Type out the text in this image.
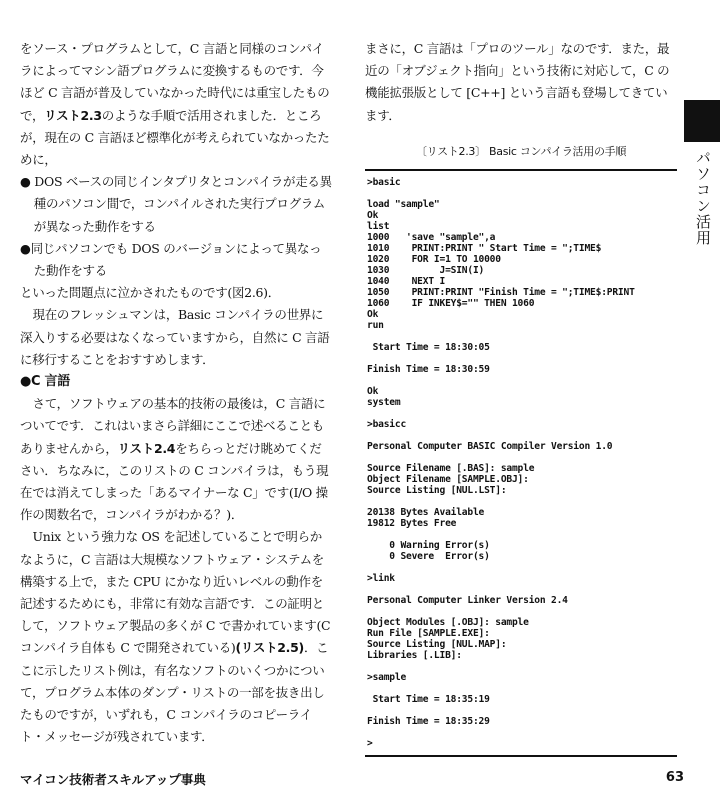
をソース・プログラムとして，C 言語と同様のコンパイラによってマシン語プログラムに変換するものです．今ほど C 言語が普及していなかった時代には重宝したもので，リスト2.3のような手順で活用されました．ところが，現在の C 言語ほど標準化が考えられていなかったために，

● DOS ベースの同じインタプリタとコンパイラが走る異種のパソコン間で，コンパイルされた実行プログラムが異なった動作をする

●同じパソコンでも DOS のバージョンによって異なった動作をする

といった問題点に泣かされたものです(図2.6)．

現在のフレッシュマンは，Basic コンパイラの世界に深入りする必要はなくなっていますから，自然に C 言語に移行することをおすすめします．

●C 言語

さて，ソフトウェアの基本的技術の最後は，C 言語についてです．これはいまさら詳細にここで述べることもありませんから，リスト2.4をちらっとだけ眺めてください．ちなみに，このリストの C コンパイラは，もう現在では消えてしまった「あるマイナーな C」です(I/O 操作の関数名で，コンパイラがわかる？)．

Unix という強力な OS を記述していることで明らかなように，C 言語は大規模なソフトウェア・システムを構築する上で，また CPU にかなり近いレベルの動作を記述するためにも，非常に有効な言語です．この証明として，ソフトウェア製品の多くが C で書かれています(C コンパイラ自体も C で開発されている)(リスト2.5)．ここに示したリスト例は，有名なソフトのいくつかについて，プログラム本体のダンプ・リストの一部を抜き出したものですが，いずれも，C コンパイラのコピーライト・メッセージが残されています．

まさに，C 言語は「プロのツール」なのです．また，最近の「オブジェクト指向」という技術に対応して，C の機能拡張版として [C++] という言語も登場してきています．

〔リスト2.3〕 Basic コンパイラ活用の手順
>basic

load "sample"
Ok
list
1000   'save "sample",a
1010    PRINT:PRINT " Start Time = ";TIME$
1020    FOR I=1 TO 10000
1030         J=SIN(I)
1040    NEXT I
1050    PRINT:PRINT "Finish Time = ";TIME$:PRINT
1060    IF INKEY$="" THEN 1060
Ok
run

Start Time = 18:30:05

Finish Time = 18:30:59

Ok
system

>basicc

Personal Computer BASIC Compiler Version 1.0

Source Filename [.BAS]: sample
Object Filename [SAMPLE.OBJ]:
Source Listing [NUL.LST]:

20138 Bytes Available
19812 Bytes Free

0 Warning Error(s)
0 Severe  Error(s)

>link

Personal Computer Linker Version 2.4

Object Modules [.OBJ]: sample
Run File [SAMPLE.EXE]:
Source Listing [NUL.MAP]:
Libraries [.LIB]:

>sample

Start Time = 18:35:19

Finish Time = 18:35:29

>
パソコン活用
マイコン技術者スキルアップ事典	63
